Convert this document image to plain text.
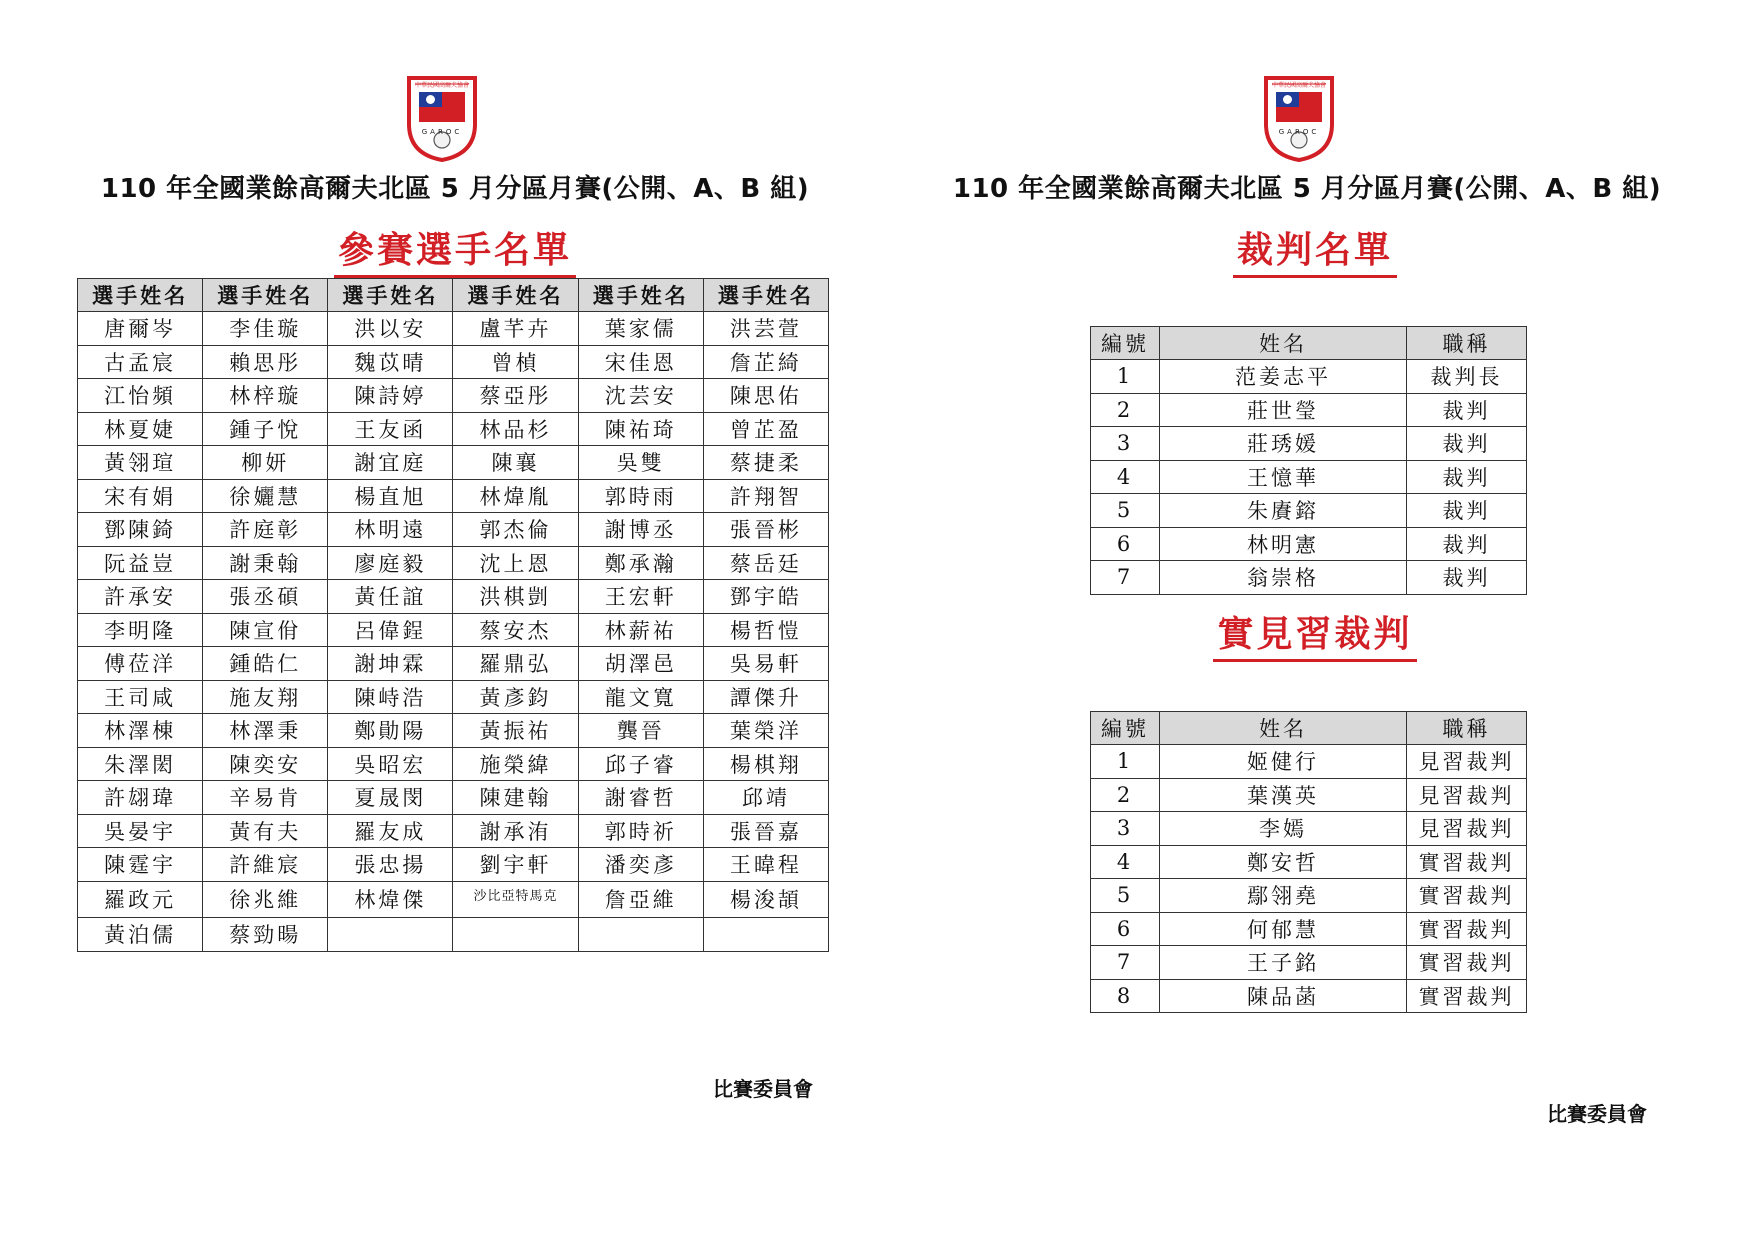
中華民國高爾夫協會
GAROC
中華民國高爾夫協會
GAROC
110 年全國業餘高爾夫北區 5 月分區月賽(公開、A、B 組)	110 年全國業餘高爾夫北區 5 月分區月賽(公開、A、B 組)
參賽選手名單	裁判名單
實見習裁判
選手姓名	選手姓名	選手姓名	選手姓名	選手姓名	選手姓名
唐爾岑	李佳璇	洪以安	盧芊卉	葉家儒	洪芸萱
古孟宸	賴思彤	魏苡晴	曾楨	宋佳恩	詹芷綺
江怡頻	林梓璇	陳詩婷	蔡亞彤	沈芸安	陳思佑
林夏婕	鍾子悅	王友函	林品杉	陳祐琦	曾芷盈
黃翎瑄	柳妍	謝宜庭	陳襄	吳雙	蔡捷柔
宋有娟	徐孋慧	楊直旭	林煒胤	郭時雨	許翔智
鄧陳錡	許庭彰	林明遠	郭杰倫	謝博丞	張晉彬
阮益豈	謝秉翰	廖庭毅	沈上恩	鄭承瀚	蔡岳廷
許承安	張丞碩	黃任誼	洪棋剴	王宏軒	鄧宇皓
李明隆	陳宣佾	呂偉鋥	蔡安杰	林薪祐	楊哲愷
傅莅洋	鍾皓仁	謝坤霖	羅鼎弘	胡澤邑	吳易軒
王司咸	施友翔	陳峙浩	黃彥鈞	龍文寬	譚傑升
林澤棟	林澤秉	鄭勛陽	黃振祐	龔晉	葉榮洋
朱澤閎	陳奕安	吳昭宏	施榮緯	邱子睿	楊棋翔
許翃瑋	辛易肯	夏晟閔	陳建翰	謝睿哲	邱靖
吳晏宇	黃有夫	羅友成	謝承洧	郭時祈	張晉嘉
陳霆宇	許維宸	張忠揚	劉宇軒	潘奕彥	王暐程
羅政元	徐兆維	林煒傑	沙比亞特馬克	詹亞維	楊浚頡
黃泊儒	蔡勁暘				
編號	姓名	職稱
1	范姜志平	裁判長
2	莊世瑩	裁判
3	莊琇媛	裁判
4	王憶華	裁判
5	朱賡鎔	裁判
6	林明憲	裁判
7	翁崇格	裁判
編號	姓名	職稱
1	姬健行	見習裁判
2	葉漢英	見習裁判
3	李嫣	見習裁判
4	鄭安哲	實習裁判
5	鄢翎堯	實習裁判
6	何郁慧	實習裁判
7	王子銘	實習裁判
8	陳品菡	實習裁判
比賽委員會
比賽委員會
